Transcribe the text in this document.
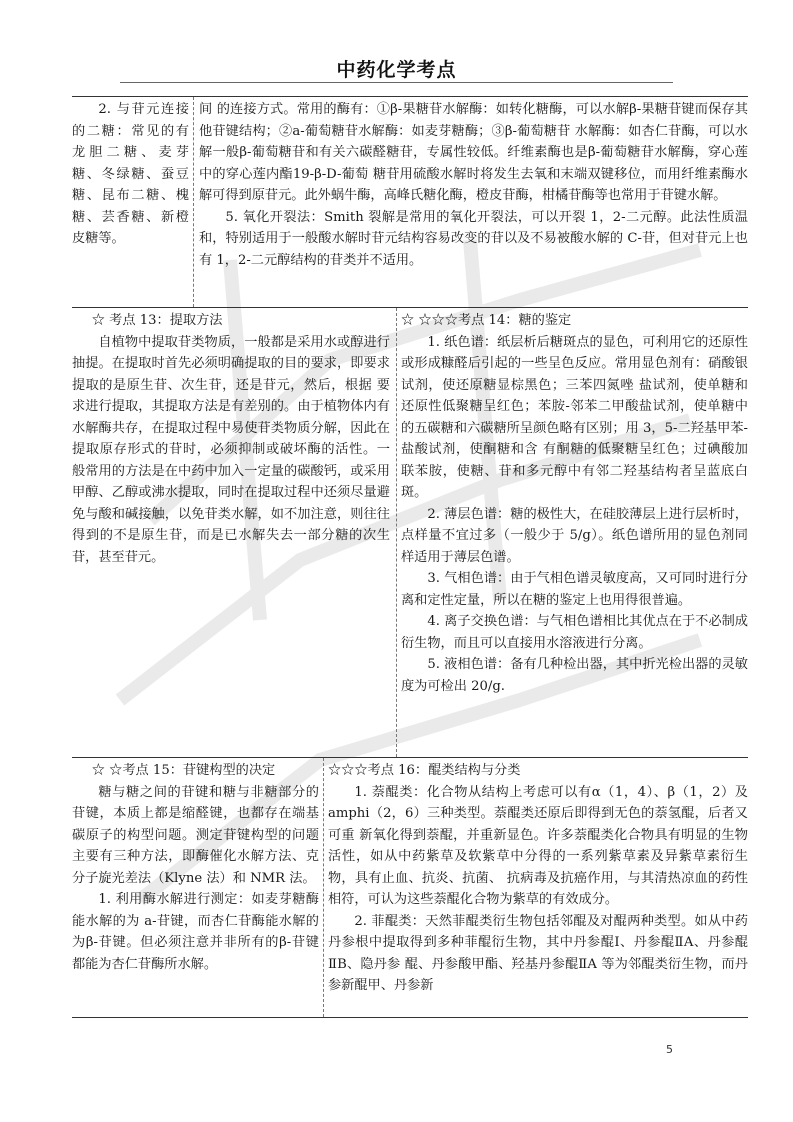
中药化学考点

2. 与苷元连接的二糖：常见的有龙胆二糖、麦芽糖、冬绿糖、蚕豆糖、昆布二糖、槐糖、芸香糖、新橙皮糖等。

间 的连接方式。常用的酶有：①β-果糖苷水解酶：如转化糖酶，可以水解β-果糖苷键而保存其他苷键结构；②a-葡萄糖苷水解酶：如麦芽糖酶；③β-葡萄糖苷 水解酶：如杏仁苷酶，可以水解一般β-葡萄糖苷和有关六碳醛糖苷，专属性较低。纤维素酶也是β-葡萄糖苷水解酶，穿心莲中的穿心莲内酯19-β-D-葡萄 糖苷用硫酸水解时将发生去氧和末端双键移位，而用纤维素酶水解可得到原苷元。此外蜗牛酶，高峰氏糖化酶，橙皮苷酶，柑橘苷酶等也常用于苷键水解。

5. 氧化开裂法：Smith 裂解是常用的氧化开裂法，可以开裂 1，2-二元醇。此法性质温和，特别适用于一般酸水解时苷元结构容易改变的苷以及不易被酸水解的 C-苷，但对苷元上也有 1，2-二元醇结构的苷类并不适用。

☆ 考点 13：提取方法

自植物中提取苷类物质，一般都是采用水或醇进行抽提。在提取时首先必须明确提取的目的要求，即要求提取的是原生苷、次生苷，还是苷元，然后，根据 要求进行提取，其提取方法是有差别的。由于植物体内有水解酶共存，在提取过程中易使苷类物质分解，因此在提取原存形式的苷时，必须抑制或破坏酶的活性。一 般常用的方法是在中药中加入一定量的碳酸钙，或采用甲醇、乙醇或沸水提取，同时在提取过程中还须尽量避免与酸和碱接触，以免苷类水解，如不加注意，则往往 得到的不是原生苷，而是已水解失去一部分糖的次生苷，甚至苷元。

☆ ☆☆☆考点 14：糖的鉴定

1. 纸色谱：纸层析后糖斑点的显色，可利用它的还原性或形成糠醛后引起的一些呈色反应。常用显色剂有：硝酸银试剂，使还原糖显棕黑色；三苯四氮唑 盐试剂，使单糖和还原性低聚糖呈红色；苯胺-邻苯二甲酸盐试剂，使单糖中的五碳糖和六碳糖所呈颜色略有区别；用 3，5-二羟基甲苯-盐酸试剂，使酮糖和含 有酮糖的低聚糖呈红色；过碘酸加联苯胺，使糖、苷和多元醇中有邻二羟基结构者呈蓝底白斑。

2. 薄层色谱：糖的极性大，在硅胶薄层上进行层析时，点样量不宜过多（一般少于 5/g）。纸色谱所用的显色剂同样适用于薄层色谱。

3. 气相色谱：由于气相色谱灵敏度高，又可同时进行分离和定性定量，所以在糖的鉴定上也用得很普遍。

4. 离子交换色谱：与气相色谱相比其优点在于不必制成衍生物，而且可以直接用水溶液进行分离。

5. 液相色谱：备有几种检出器，其中折光检出器的灵敏度为可检出 20/g.

☆ ☆考点 15：苷键构型的决定

糖与糖之间的苷键和糖与非糖部分的苷键，本质上都是缩醛键，也都存在端基碳原子的构型问题。测定苷键构型的问题主要有三种方法，即酶催化水解方法、克分子旋光差法（Klyne 法）和 NMR 法。

1. 利用酶水解进行测定：如麦芽糖酶能水解的为 a-苷键，而杏仁苷酶能水解的为β-苷键。但必须注意并非所有的β-苷键都能为杏仁苷酶所水解。

☆☆☆考点 16：醌类结构与分类

1. 萘醌类：化合物从结构上考虑可以有α（1，4）、β（1，2）及 amphi（2，6）三种类型。萘醌类还原后即得到无色的萘氢醌，后者又可重 新氧化得到萘醌，并重新显色。许多萘醌类化合物具有明显的生物活性，如从中药紫草及软紫草中分得的一系列紫草素及异紫草素衍生物，具有止血、抗炎、抗菌、 抗病毒及抗癌作用，与其清热凉血的药性相符，可认为这些萘醌化合物为紫草的有效成分。

2. 菲醌类：天然菲醌类衍生物包括邻醌及对醌两种类型。如从中药丹参根中提取得到多种菲醌衍生物，其中丹参醌Ⅰ、丹参醌ⅡA、丹参醌ⅡB、隐丹参 醌、丹参酸甲酯、羟基丹参醌ⅡA 等为邻醌类衍生物，而丹参新醌甲、丹参新

5
